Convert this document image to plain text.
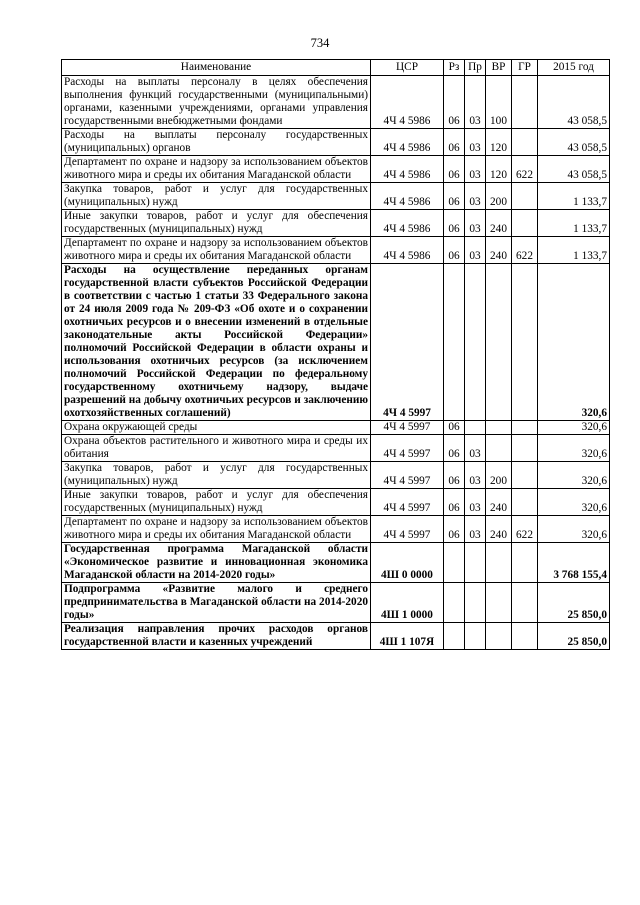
734
Наименование	ЦСР	Рз	Пр	ВР	ГР	2015 год
Расходы на выплаты персоналу в целях обеспечения выполнения функций государственными (муниципальными) органами, казенными учреждениями, органами управления государственными внебюджетными фондами	4Ч 4 5986	06	03	100		43 058,5
Расходы на выплаты персоналу государственных (муниципальных) органов	4Ч 4 5986	06	03	120		43 058,5
Департамент по охране и надзору за использованием объектов животного мира и среды их обитания Магаданской области	4Ч 4 5986	06	03	120	622	43 058,5
Закупка товаров, работ и услуг для государственных (муниципальных) нужд	4Ч 4 5986	06	03	200		1 133,7
Иные закупки товаров, работ и услуг для обеспечения государственных (муниципальных) нужд	4Ч 4 5986	06	03	240		1 133,7
Департамент по охране и надзору за использованием объектов животного мира и среды их обитания Магаданской области	4Ч 4 5986	06	03	240	622	1 133,7
Расходы на осуществление переданных органам государственной власти субъектов Российской Федерации в соответствии с частью 1 статьи 33 Федерального закона от 24 июля 2009 года № 209-ФЗ «Об охоте и о сохранении охотничьих ресурсов и о внесении изменений в отдельные законодательные акты Российской Федерации» полномочий Российской Федерации в области охраны и использования охотничьих ресурсов (за исключением полномочий Российской Федерации по федеральному государственному охотничьему надзору, выдаче разрешений на добычу охотничьих ресурсов и заключению охотхозяйственных соглашений)	4Ч 4 5997					320,6
Охрана окружающей среды	4Ч 4 5997	06				320,6
Охрана объектов растительного и животного мира и среды их обитания	4Ч 4 5997	06	03			320,6
Закупка товаров, работ и услуг для государственных (муниципальных) нужд	4Ч 4 5997	06	03	200		320,6
Иные закупки товаров, работ и услуг для обеспечения государственных (муниципальных) нужд	4Ч 4 5997	06	03	240		320,6
Департамент по охране и надзору за использованием объектов животного мира и среды их обитания Магаданской области	4Ч 4 5997	06	03	240	622	320,6
Государственная программа Магаданской области «Экономическое развитие и инновационная экономика Магаданской области на 2014-2020 годы»	4Ш 0 0000					3 768 155,4
Подпрограмма «Развитие малого и среднего предпринимательства в Магаданской области на 2014-2020 годы»	4Ш 1 0000					25 850,0
Реализация направления прочих расходов органов государственной власти и казенных учреждений	4Ш 1 107Я					25 850,0
